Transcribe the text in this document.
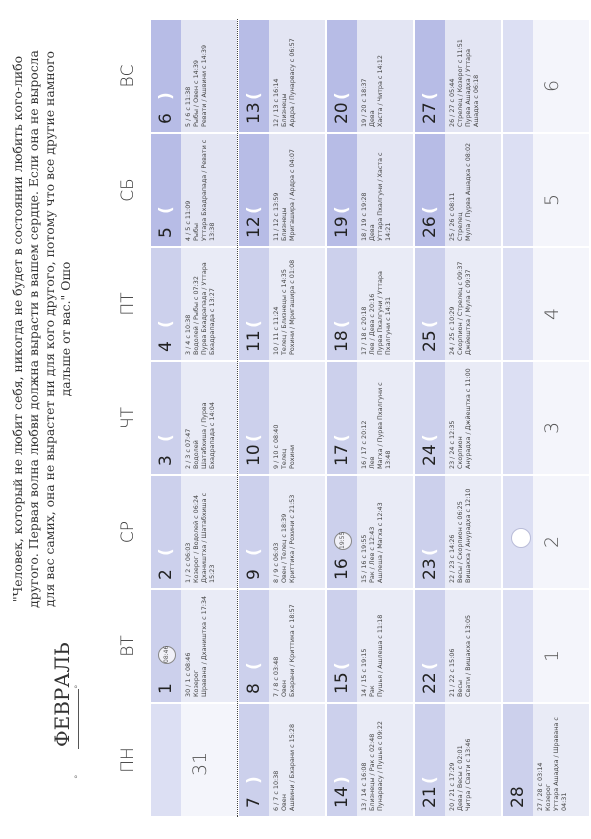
°
ФЕВРАЛЬ °
"Человек, который не любит себя, никогда не будет в состоянии любить кого-либо другого. Первая волна любви должна вырасти в вашем сердце. Если она не выросла для вас самих, она не вырастет ни для кого другого, потому что все другие намного дальше от вас." Ошо
ПН
ВТ
СР
ЧТ
ПТ
СБ
ВС
31
1
08:46
30 / 1 с 08:46
Козерог
Шравана / Дхаништха с 17:34
2
(
1 / 2 с 06:03
Козерог / Водолей с 06:24
Дхаништха / Шатабхиша с 15:23
3
(
2 / 3 с 07:47
Водолей
Шатабхиша / Пурва Бхадрапада с 14:04
4
(
3 / 4 с 10:38
Водолей / Рыбы с 07:32
Пурва Бхадрапада / Уттара Бхадрапада с 13:27
5
(
4 / 5 с 11:09
Рыбы
Уттара Бхадрапада / Ревати с 13:38
6
)
5 / 6 с 11:38
Рыбы / Овен с 14:39
Ревати / Ашвини с 14:39
7
)
6 / 7 с 10:38
Овен
Ашвини / Бхарани с 15:28
8
(
7 / 8 с 03:48
Овен
Бхарани / Криттика с 18:57
9
(
8 / 9 с 06:03
Овен / Телец с 18:39
Криттика / Рохини с 21:53
10
(
9 / 10 с 08:40
Телец
Рохини
11
(
10 / 11 с 11:24
Телец / Близнецы с 14:35
Рохини / Мригашира с 01:08
12
(
11 / 12 с 13:59
Близнецы
Мригашира / Ардра с 04:07
13
(
12 / 13 с 16:14
Близнецы
Ардра / Пунарвасу с 06:57
14
)
13 / 14 с 16:08
Близнецы / Рак с 02:48
Пунарвасу / Пушья с 09:22
15
(
14 / 15 с 19:15
Рак
Пушья / Ашлеша с 11:18
16
19:55
15 / 16 с 19:55
Рак / Лев с 12:43
Ашлеша / Магха с 12:43
17
(
16 / 17 с 20:12
Лев
Магха / Пурва Пхалгуни с 13:48
18
(
17 / 18 с 20:18
Лев / Дева с 20:16
Пурва Пхалгуни / Уттара Пхалгуни с 14:31
19
(
18 / 19 с 19:28
Дева
Уттара Пхалгуни / Хаста с 14:21
20
(
19 / 20 с 18:37
Дева
Хаста / Читра с 14:12
21
(
20 / 21 с 17:29
Дева / Весы с 02:01
Читра / Свати с 13:46
22
(
21 / 22 с 15:06
Весы
Свати / Вишакха с 13:05
23
(
22 / 23 с 14:26
Весы / Скорпион с 06:25
Вишакха / Анурадха с 12:10
24
(
23 / 24 с 12:35
Скорпион
Анурадха / Джйештха с 11:00
25
(
24 / 25 с 10:29
Скорпион / Стрелец с 09:37
Джйештха / Мула с 09:37
26
(
25 / 26 с 08:11
Стрелец
Мула / Пурва Ашадха с 08:02
27
(
26 / 27 с 05:44
Стрелец / Козерог с 11:51
Пурва Ашадха / Уттара Ашадха с 06:18
28 27 / 28 с 03:14
Козерог
Уттара Ашадха / Шравана с 04:31
1
2
3
4
5
6
